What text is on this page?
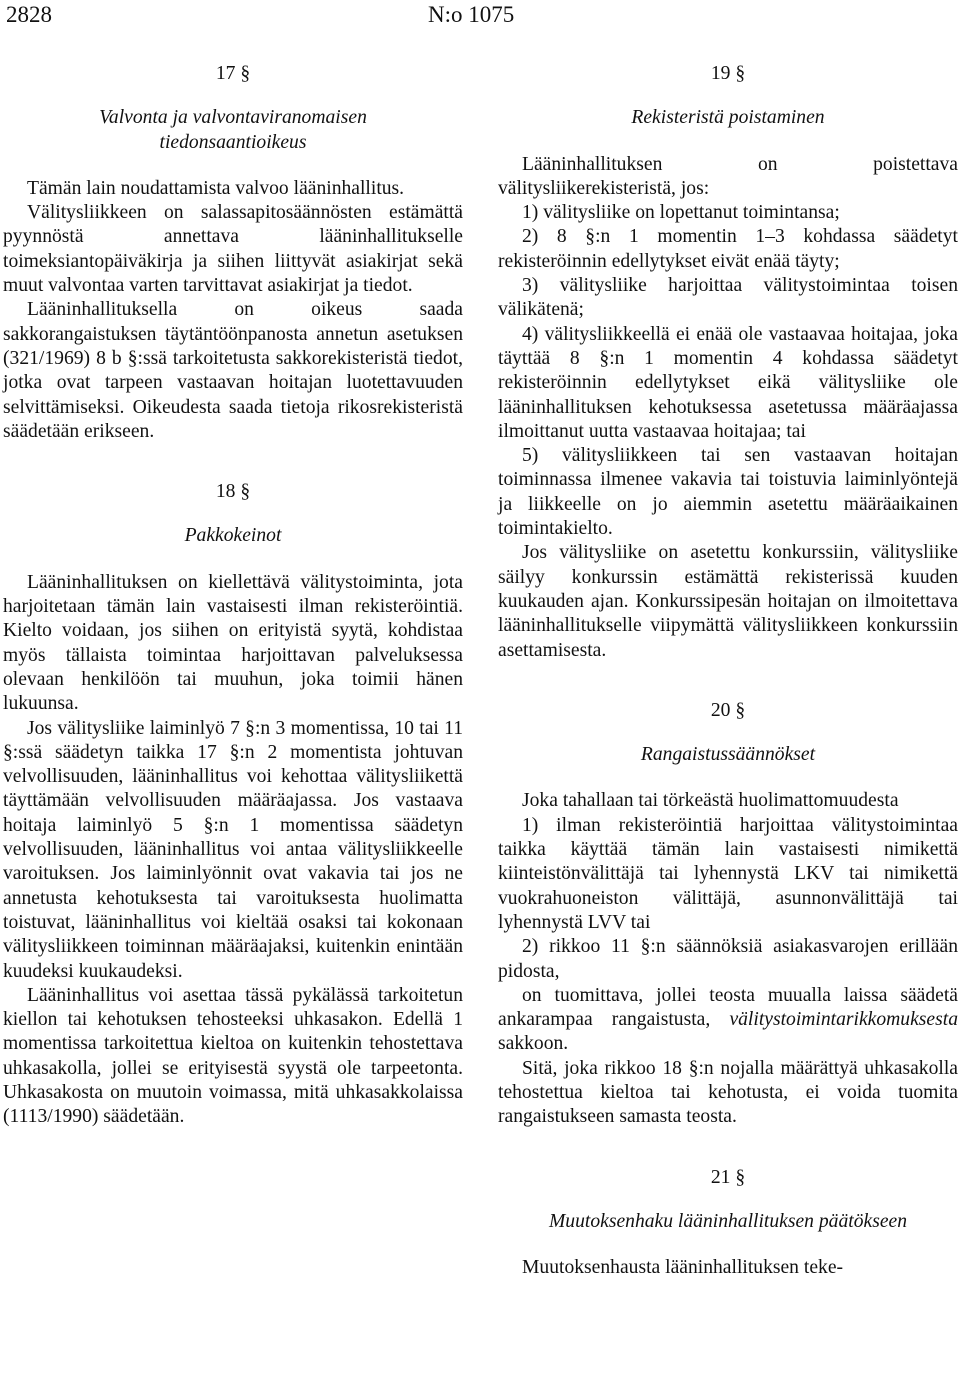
2828	N:o 1075
17 §
Valvonta ja valvontaviranomaisen tiedonsaantioikeus

Tämän lain noudattamista valvoo lääninhallitus.

Välitysliikkeen on salassapitosäännösten estämättä pyynnöstä annettava lääninhallitukselle toimeksiantopäiväkirja ja siihen liittyvät asiakirjat sekä muut valvontaa varten tarvittavat asiakirjat ja tiedot.

Lääninhallituksella on oikeus saada sakkorangaistuksen täytäntöönpanosta annetun asetuksen (321/1969) 8 b §:ssä tarkoitetusta sakkorekisteristä tiedot, jotka ovat tarpeen vastaavan hoitajan luotettavuuden selvittämiseksi. Oikeudesta saada tietoja rikosrekisteristä säädetään erikseen.

18 §
Pakkokeinot

Lääninhallituksen on kiellettävä välitystoiminta, jota harjoitetaan tämän lain vastaisesti ilman rekisteröintiä. Kielto voidaan, jos siihen on erityistä syytä, kohdistaa myös tällaista toimintaa harjoittavan palveluksessa olevaan henkilöön tai muuhun, joka toimii hänen lukuunsa.

Jos välitysliike laiminlyö 7 §:n 3 momentissa, 10 tai 11 §:ssä säädetyn taikka 17 §:n 2 momentista johtuvan velvollisuuden, lääninhallitus voi kehottaa välitysliikettä täyttämään velvollisuuden määräajassa. Jos vastaava hoitaja laiminlyö 5 §:n 1 momentissa säädetyn velvollisuuden, lääninhallitus voi antaa välitysliikkeelle varoituksen. Jos laiminlyönnit ovat vakavia tai jos ne annetusta kehotuksesta tai varoituksesta huolimatta toistuvat, lääninhallitus voi kieltää osaksi tai kokonaan välitysliikkeen toiminnan määräajaksi, kuitenkin enintään kuudeksi kuukaudeksi.

Lääninhallitus voi asettaa tässä pykälässä tarkoitetun kiellon tai kehotuksen tehosteeksi uhkasakon. Edellä 1 momentissa tarkoitettua kieltoa on kuitenkin tehostettava uhkasakolla, jollei se erityisestä syystä ole tarpeetonta. Uhkasakosta on muutoin voimassa, mitä uhkasakkolaissa (1113/1990) säädetään.

19 §
Rekisteristä poistaminen

Lääninhallituksen on poistettava välitysliikerekisteristä, jos:

1) välitysliike on lopettanut toimintansa;

2) 8 §:n 1 momentin 1–3 kohdassa säädetyt rekisteröinnin edellytykset eivät enää täyty;

3) välitysliike harjoittaa välitystoimintaa toisen välikätenä;

4) välitysliikkeellä ei enää ole vastaavaa hoitajaa, joka täyttää 8 §:n 1 momentin 4 kohdassa säädetyt rekisteröinnin edellytykset eikä välitysliike ole lääninhallituksen kehotuksessa asetetussa määräajassa ilmoittanut uutta vastaavaa hoitajaa; tai

5) välitysliikkeen tai sen vastaavan hoitajan toiminnassa ilmenee vakavia tai toistuvia laiminlyöntejä ja liikkeelle on jo aiemmin asetettu määräaikainen toimintakielto.

Jos välitysliike on asetettu konkurssiin, välitysliike säilyy konkurssin estämättä rekisterissä kuuden kuukauden ajan. Konkurssipesän hoitajan on ilmoitettava lääninhallitukselle viipymättä välitysliikkeen konkurssiin asettamisesta.

20 §
Rangaistussäännökset

Joka tahallaan tai törkeästä huolimattomuudesta

1) ilman rekisteröintiä harjoittaa välitystoimintaa taikka käyttää tämän lain vastaisesti nimikettä kiinteistönvälittäjä tai lyhennystä LKV tai nimikettä vuokrahuoneiston välittäjä, asunnonvälittäjä tai lyhennystä LVV tai

2) rikkoo 11 §:n säännöksiä asiakasvarojen erillään pidosta,

on tuomittava, jollei teosta muualla laissa säädetä ankarampaa rangaistusta, välitystoimintarikkomuksesta sakkoon.

Sitä, joka rikkoo 18 §:n nojalla määrättyä uhkasakolla tehostettua kieltoa tai kehotusta, ei voida tuomita rangaistukseen samasta teosta.

21 §
Muutoksenhaku lääninhallituksen päätökseen

Muutoksenhausta lääninhallituksen teke-
